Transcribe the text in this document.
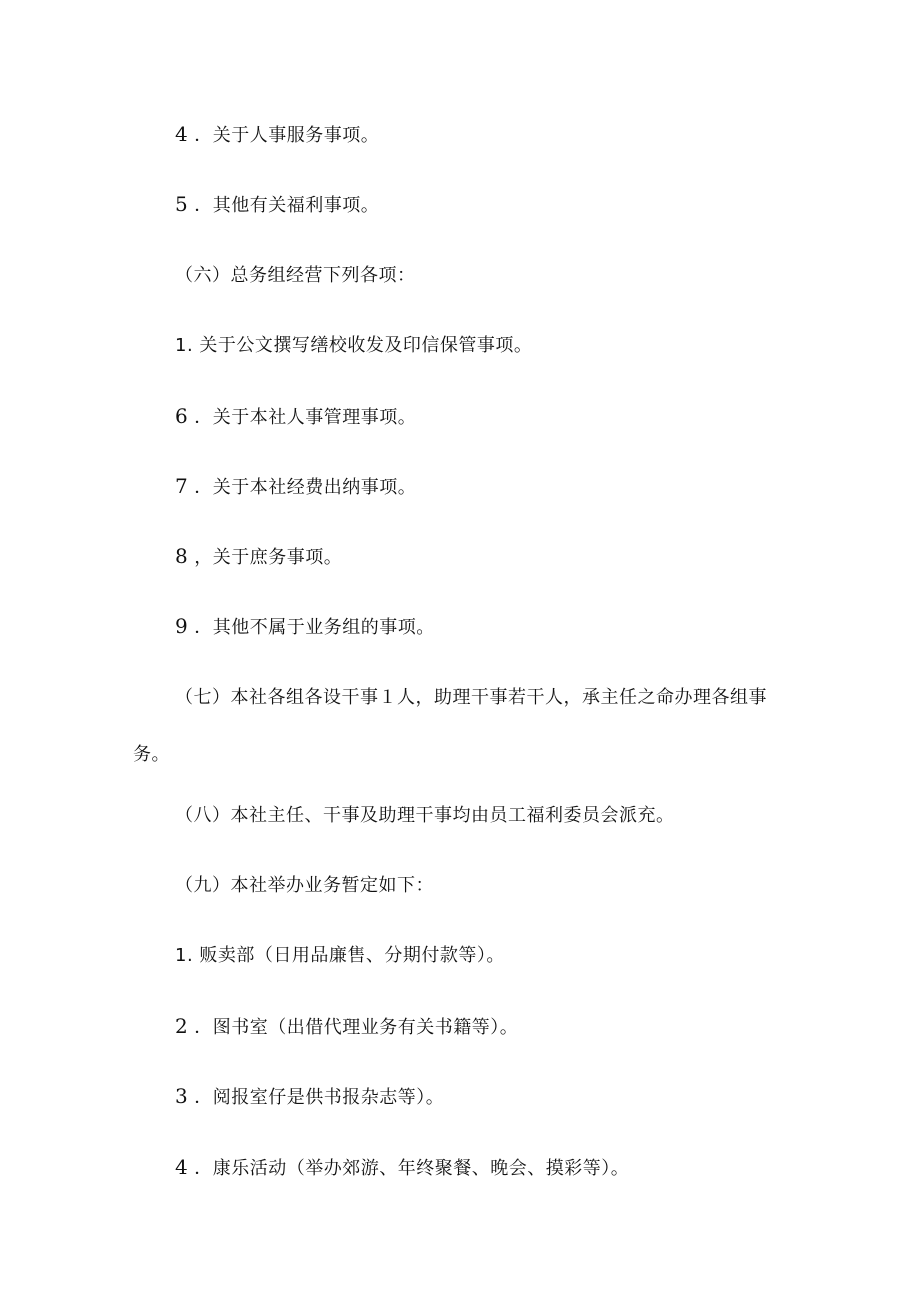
4 ．关于人事服务事项。
5 ．其他有关福利事项。
（六）总务组经营下列各项：
1. 关于公文撰写缮校收发及印信保管事项。
6 ．关于本社人事管理事项。
7 ．关于本社经费出纳事项。
8 ，关于庶务事项。
9 ．其他不属于业务组的事项。
（七）本社各组各设干事１人，助理干事若干人，承主任之命办理各组事
务。
（八）本社主任、干事及助理干事均由员工福利委员会派充。
（九）本社举办业务暂定如下：
1. 贩卖部（日用品廉售、分期付款等）。
2 ．图书室（出借代理业务有关书籍等）。
3 ．阅报室仔是供书报杂志等）。
4 ．康乐活动（举办郊游、年终聚餐、晚会、摸彩等）。
